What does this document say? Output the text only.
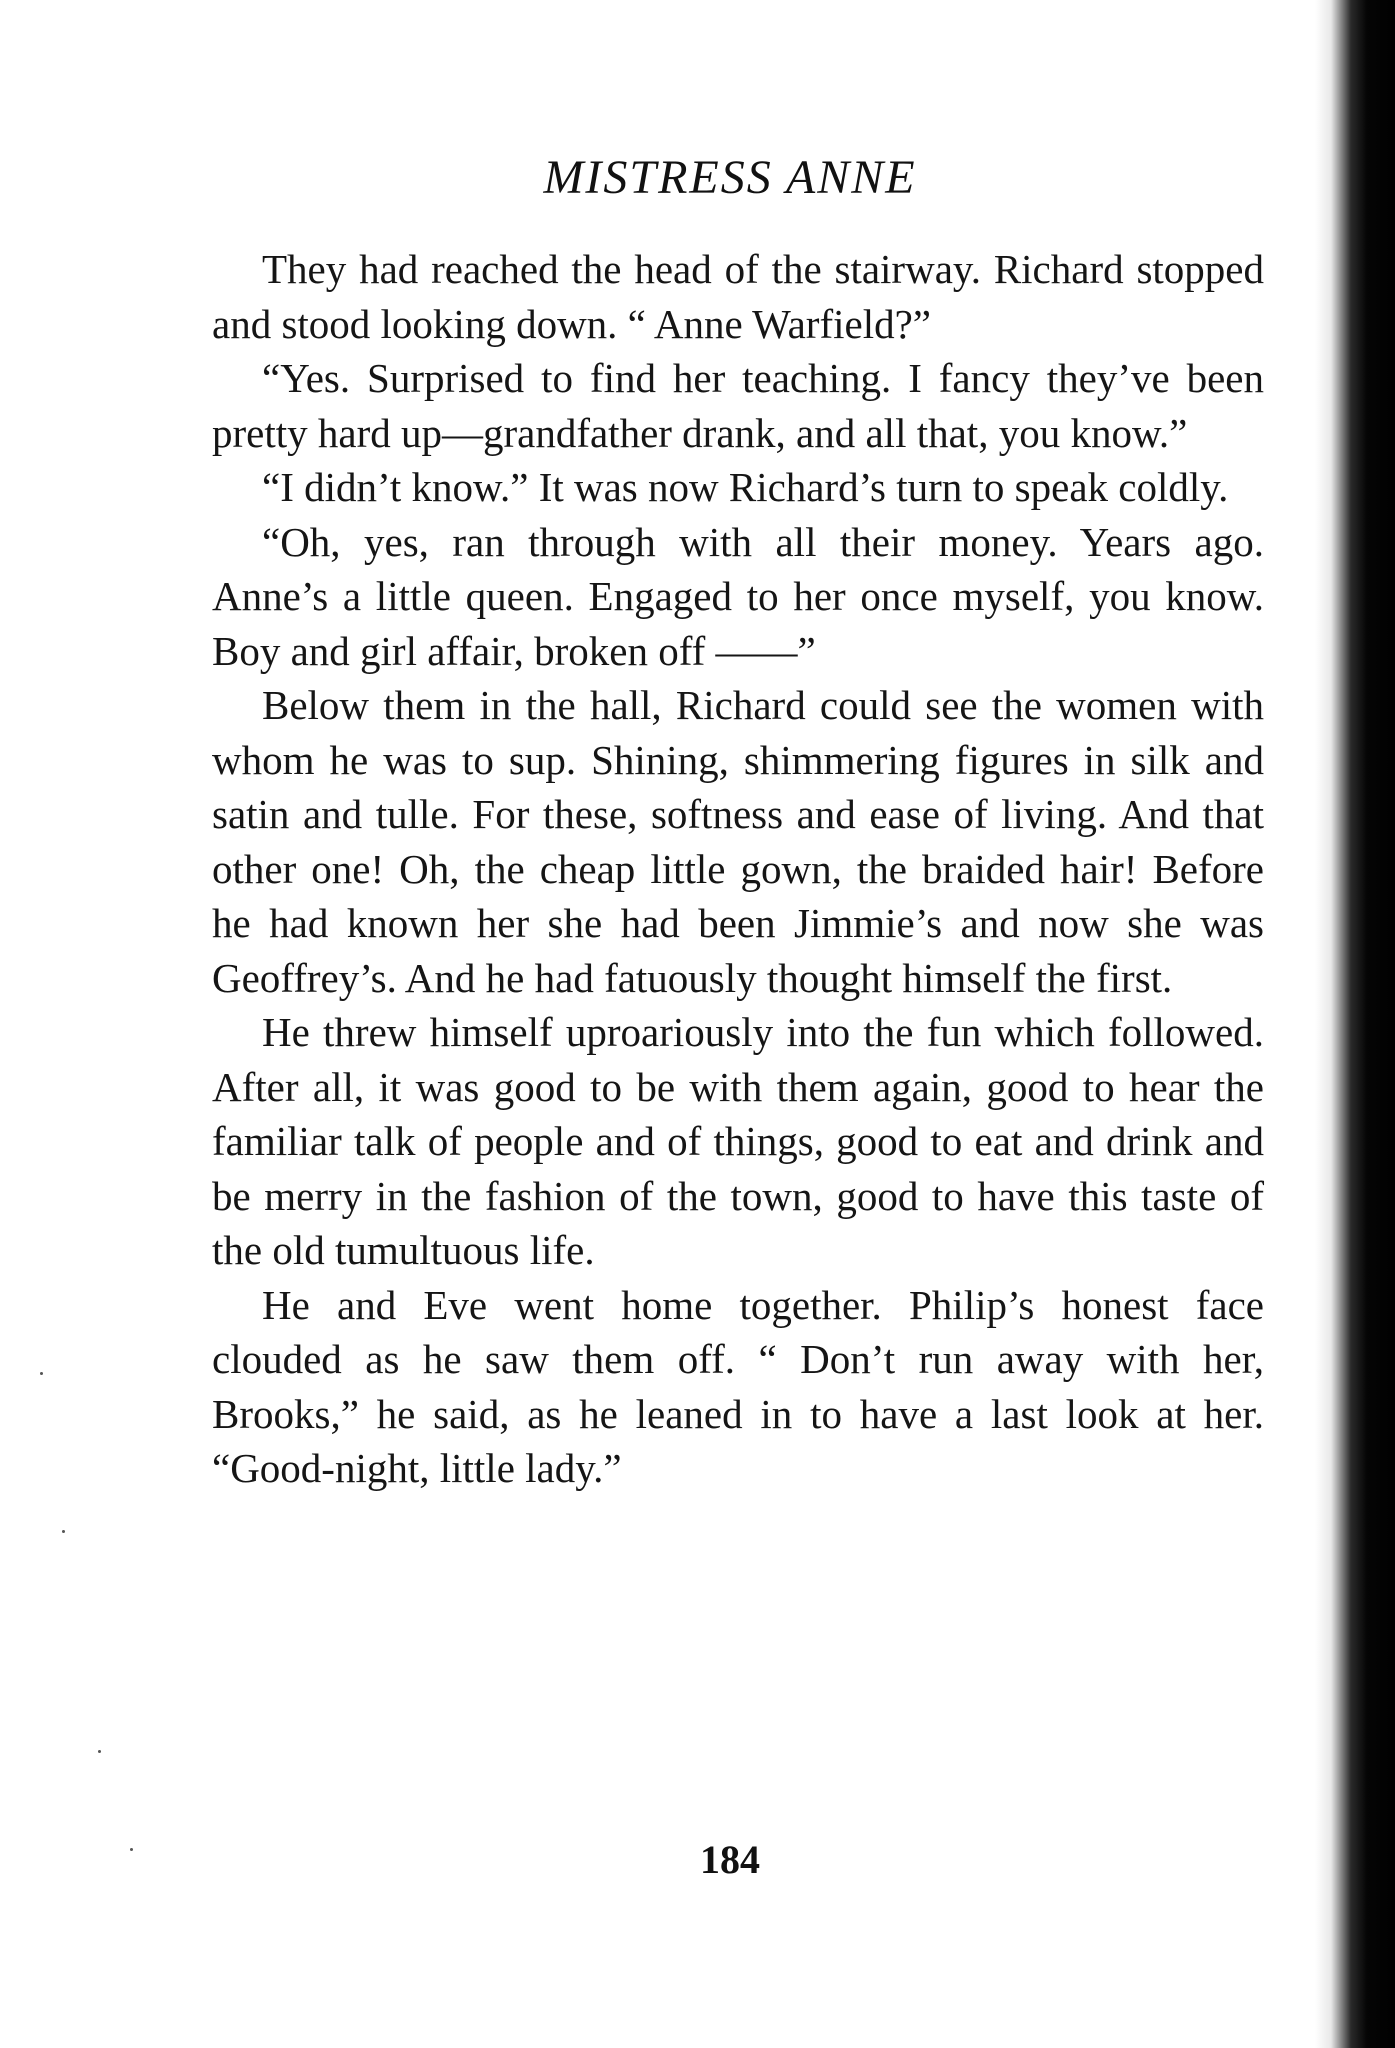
MISTRESS ANNE

They had reached the head of the stairway. Richard stopped and stood looking down. “ Anne Warfield?”

“Yes. Surprised to find her teaching. I fancy they’ve been pretty hard up—grandfather drank, and all that, you know.”

“I didn’t know.” It was now Richard’s turn to speak coldly.

“Oh, yes, ran through with all their money. Years ago. Anne’s a little queen. Engaged to her once myself, you know. Boy and girl affair, broken off ——”

Below them in the hall, Richard could see the women with whom he was to sup. Shining, shimmering figures in silk and satin and tulle. For these, softness and ease of living. And that other one! Oh, the cheap little gown, the braided hair! Before he had known her she had been Jimmie’s and now she was Geoffrey’s. And he had fatuously thought himself the first.

He threw himself uproariously into the fun which followed. After all, it was good to be with them again, good to hear the familiar talk of people and of things, good to eat and drink and be merry in the fashion of the town, good to have this taste of the old tumultuous life.

He and Eve went home together. Philip’s honest face clouded as he saw them off. “ Don’t run away with her, Brooks,” he said, as he leaned in to have a last look at her. “Good-night, little lady.”

184
